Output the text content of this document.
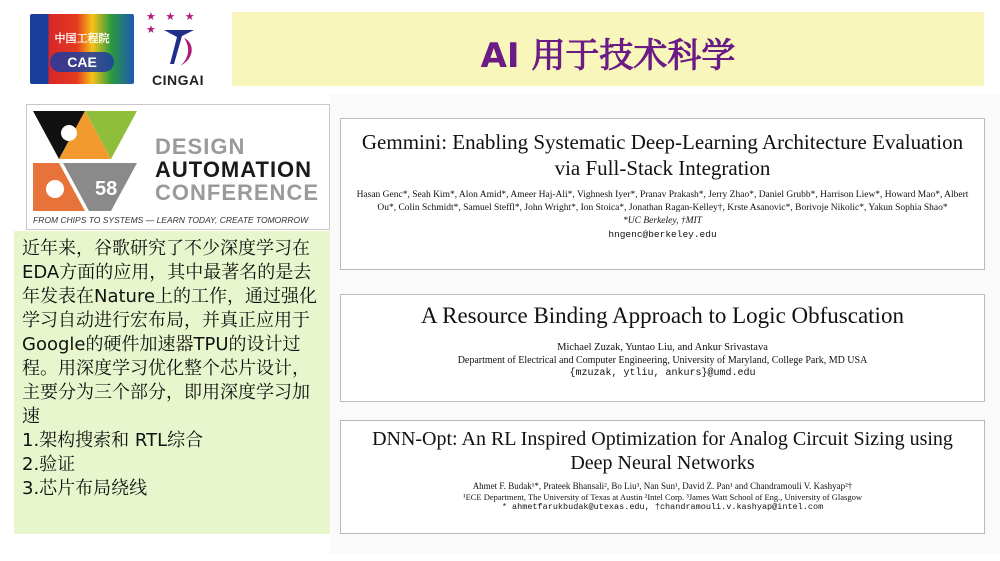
中国工程院
CAE
★ ★ ★ ★
CINGAI
AI 用于技术科学
58
DESIGN
AUTOMATION
CONFERENCE
FROM CHIPS TO SYSTEMS — LEARN TODAY, CREATE TOMORROW
近年来，谷歌研究了不少深度学习在EDA方面的应用，其中最著名的是去年发表在Nature上的工作，通过强化学习自动进行宏布局，并真正应用于Google的硬件加速器TPU的设计过程。用深度学习优化整个芯片设计，主要分为三个部分，即用深度学习加速
1.架构搜索和 RTL综合
2.验证
3.芯片布局绕线
Gemmini: Enabling Systematic Deep-Learning Architecture Evaluation via Full-Stack Integration
Hasan Genc*, Seah Kim*, Alon Amid*, Ameer Haj-Ali*, Vighnesh Iyer*, Pranav Prakash*, Jerry Zhao*, Daniel Grubb*, Harrison Liew*, Howard Mao*, Albert Ou*, Colin Schmidt*, Samuel Steffl*, John Wright*, Ion Stoica*, Jonathan Ragan-Kelley†, Krste Asanovic*, Borivoje Nikolic*, Yakun Sophia Shao*
*UC Berkeley, †MIT
hngenc@berkeley.edu
A Resource Binding Approach to Logic Obfuscation
Michael Zuzak, Yuntao Liu, and Ankur Srivastava
Department of Electrical and Computer Engineering, University of Maryland, College Park, MD USA
{mzuzak, ytliu, ankurs}@umd.edu
DNN-Opt: An RL Inspired Optimization for Analog Circuit Sizing using Deep Neural Networks
Ahmet F. Budak¹*, Prateek Bhansali², Bo Liu³, Nan Sun¹, David Z. Pan¹ and Chandramouli V. Kashyap²†
¹ECE Department, The University of Texas at Austin ²Intel Corp. ³James Watt School of Eng., University of Glasgow
* ahmetfarukbudak@utexas.edu, †chandramouli.v.kashyap@intel.com
